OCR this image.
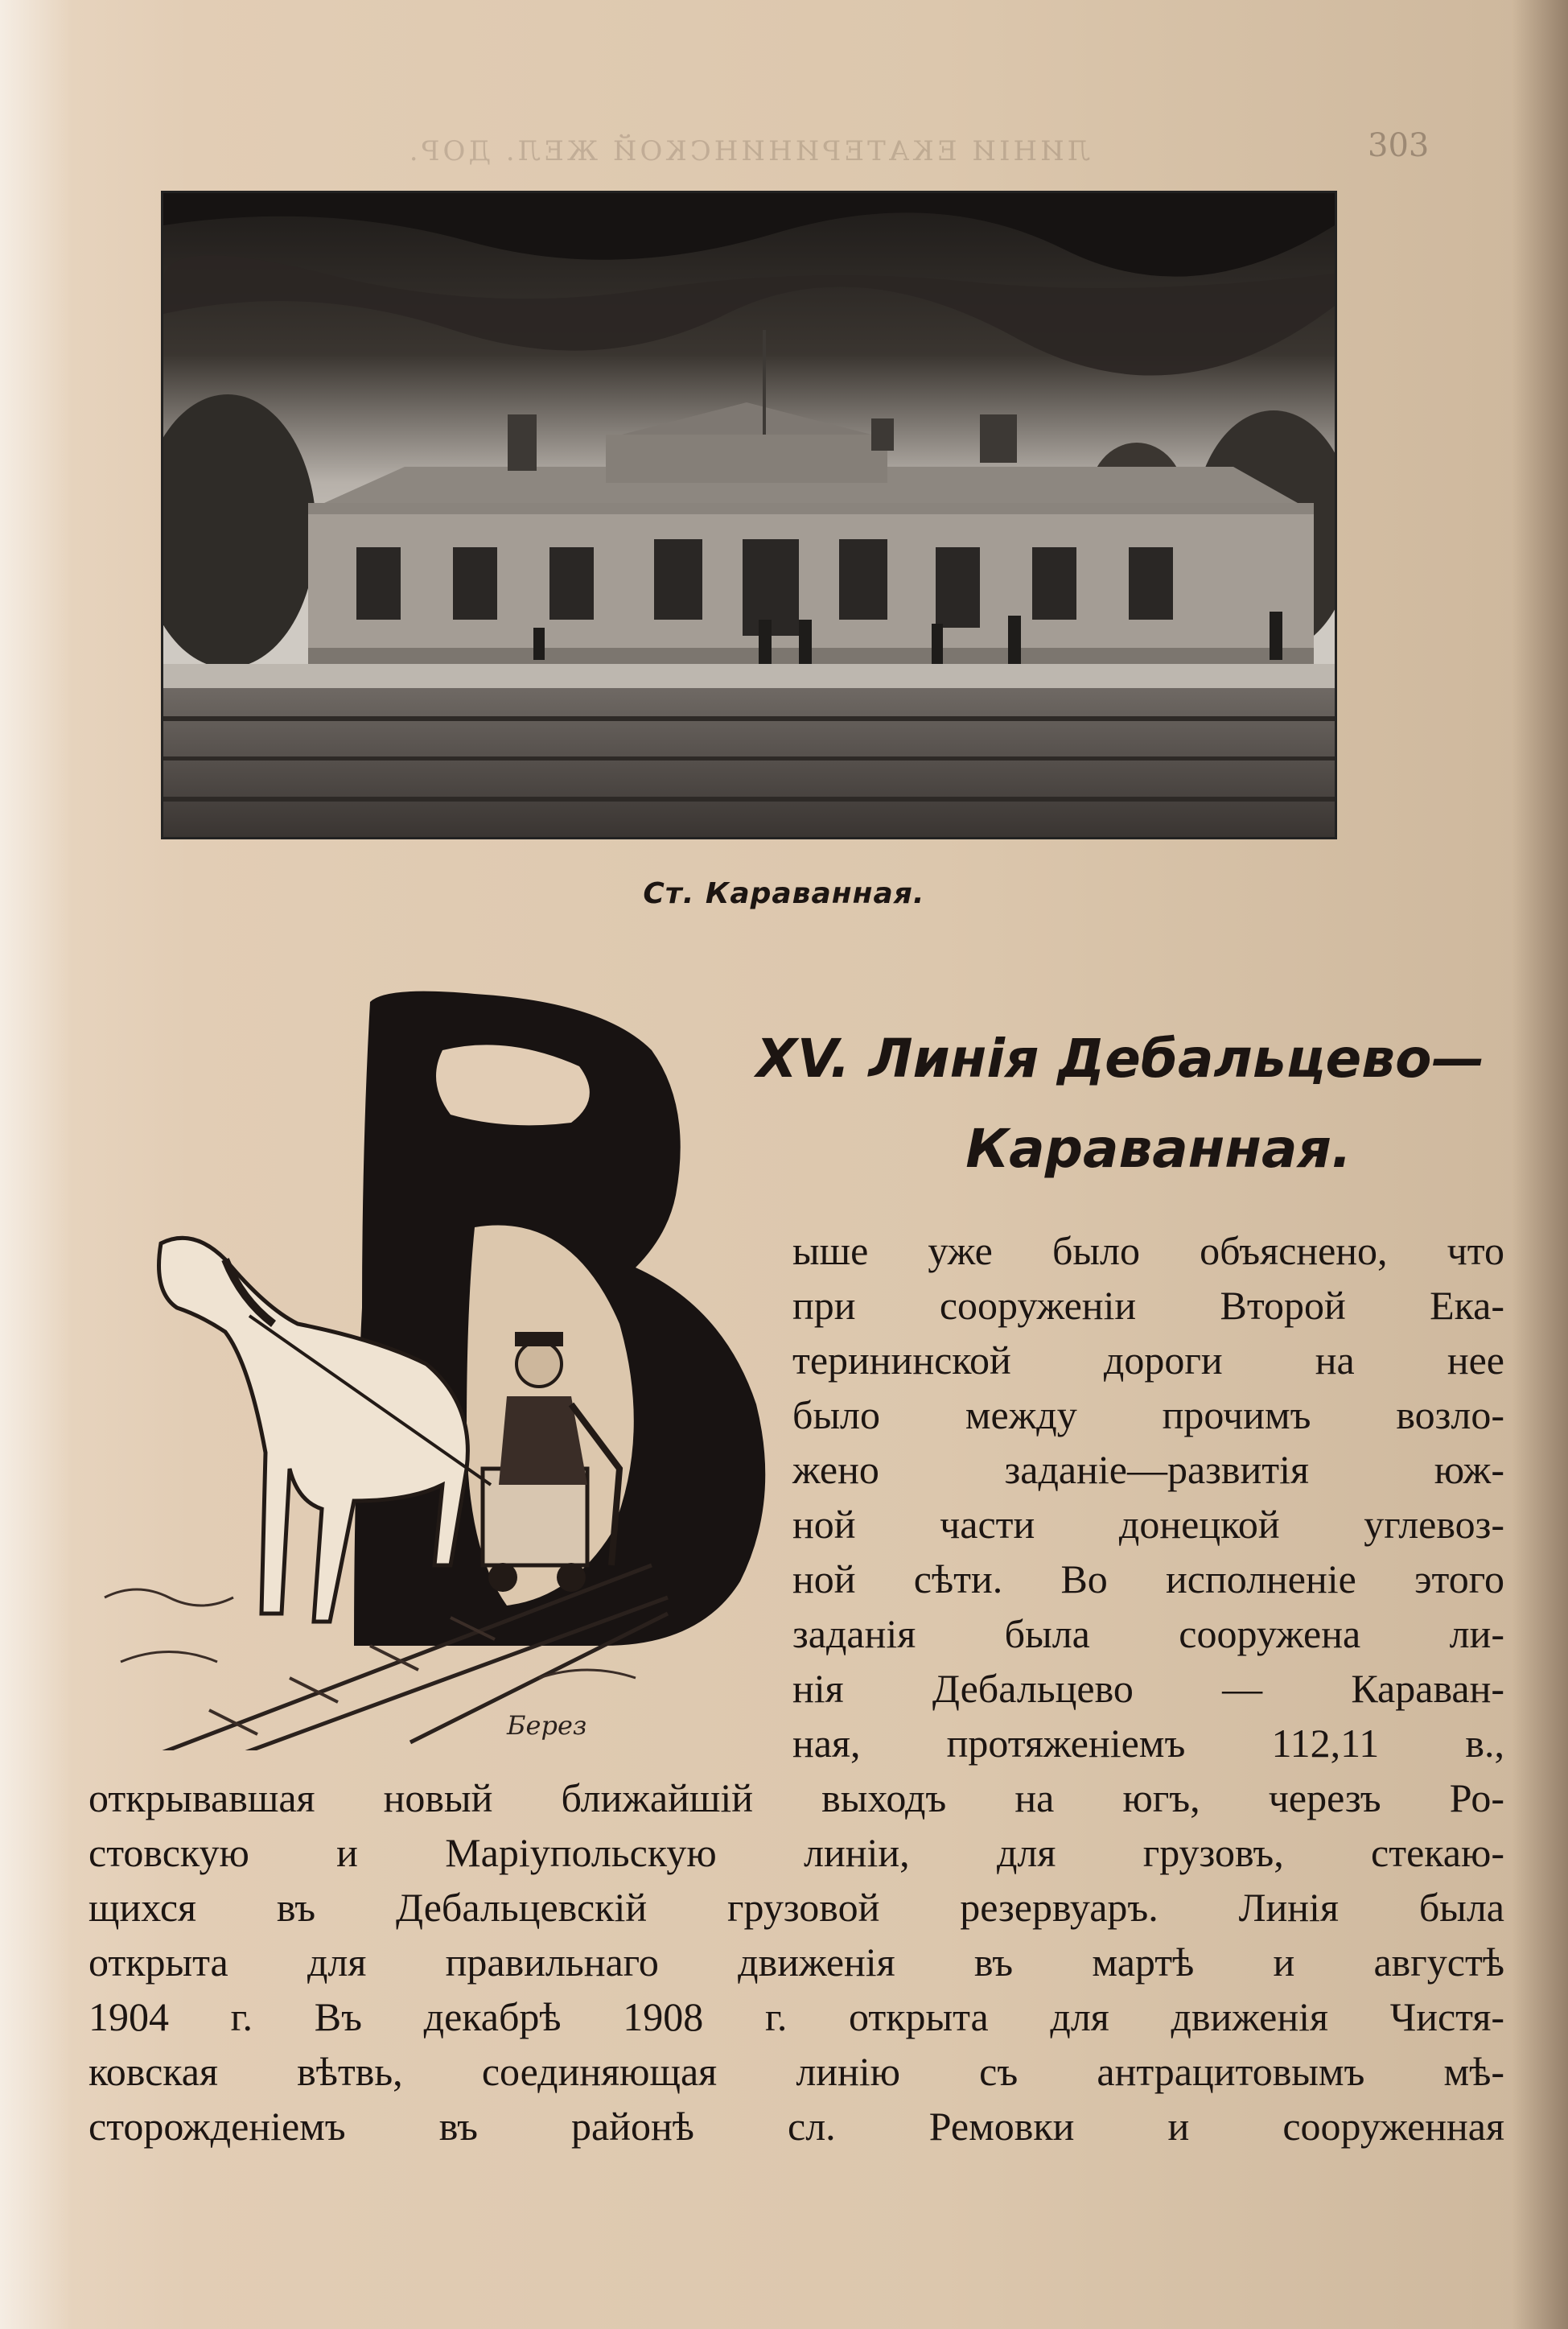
ЛИНІИ ЕКАТЕРИНИНСКОЙ ЖЕЛ. ДОР.	303
Ст. Караванная.
Берез
XV. Линія Дебальцево—
Караванная.
ыше уже было объяснено, что
при сооруженіи Второй Ека-
терининской дороги на нее
было между прочимъ возло-
жено заданіе—развитія юж-
ной части донецкой углевоз-
ной сѣти. Во исполненіе этого
заданія была сооружена ли-
нія Дебальцево — Караван-
ная, протяженіемъ 112,11 в.,
открывавшая новый ближайшій выходъ на югъ, черезъ Ро-
стовскую и Маріупольскую линіи, для грузовъ, стекаю-
щихся въ Дебальцевскій грузовой резервуаръ. Линія была
открыта для правильнаго движенія въ мартѣ и августѣ
1904 г. Въ декабрѣ 1908 г. открыта для движенія Чистя-
ковская вѣтвь, соединяющая линію съ антрацитовымъ мѣ-
сторожденіемъ въ районѣ сл. Ремовки и сооруженная
